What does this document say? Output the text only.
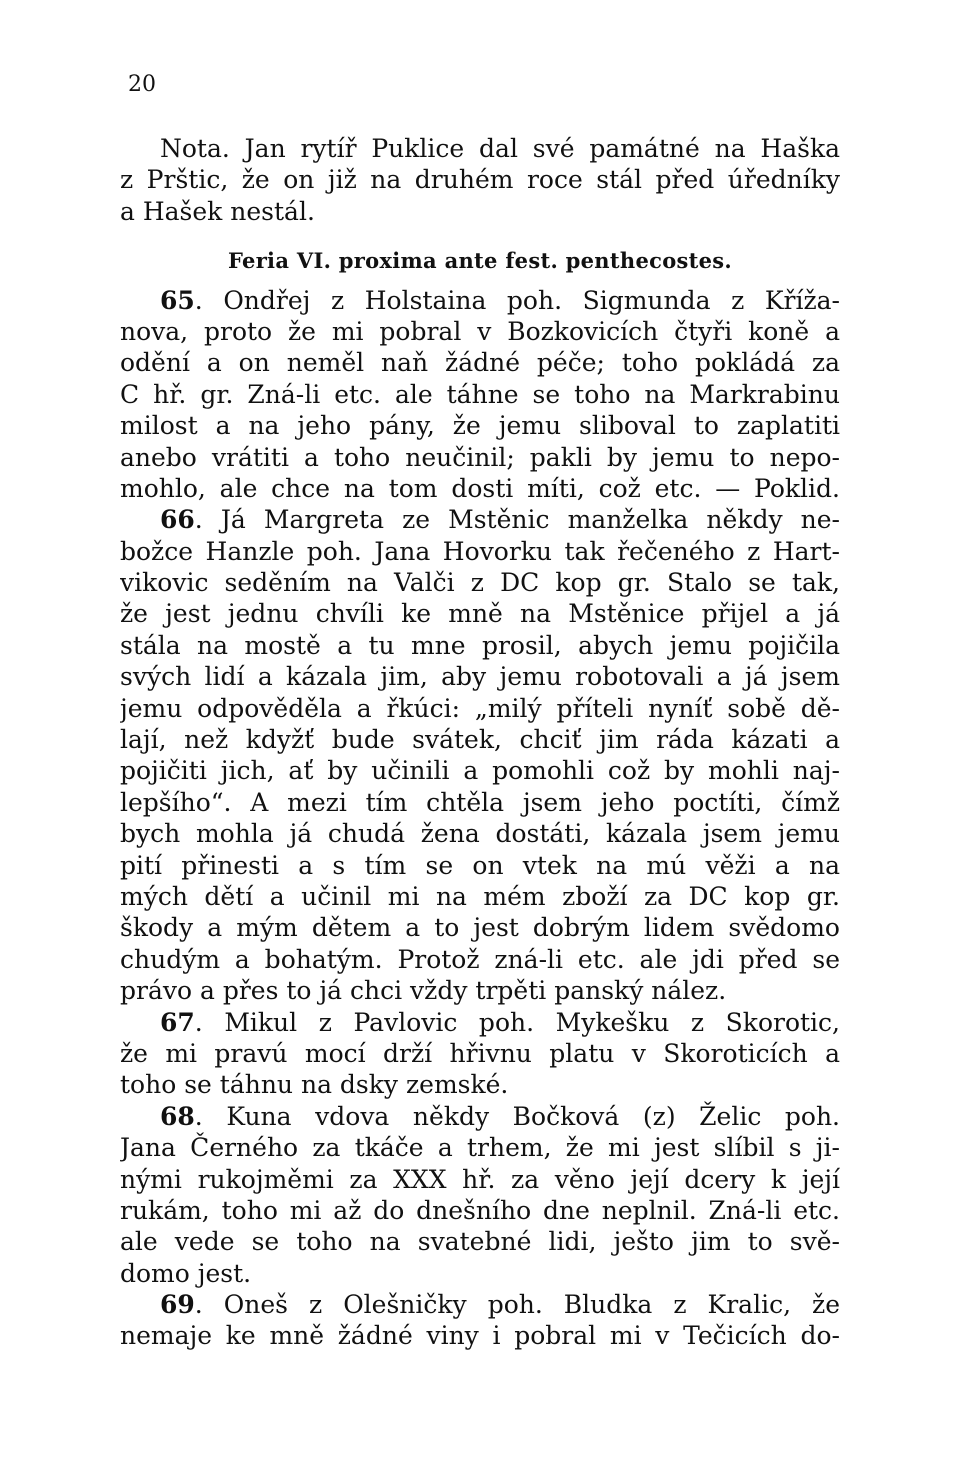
20
Nota. Jan rytíř Puklice dal své památné na Haška
z Prštic, že on již na druhém roce stál před úředníky
a Hašek nestál.
Feria VI. proxima ante fest. penthecostes.
65. Ondřej z Holstaina poh. Sigmunda z Křížа-
nova, proto že mi pobral v Bozkovicích čtyři koně a
odění a on neměl naň žádné péče; toho pokládá za
C hř. gr. Zná-li etc. ale táhne se toho na Markrabinu
milost a na jeho pány, že jemu sliboval to zaplatiti
anebo vrátiti a toho neučinil; pakli by jemu to nepo-
mohlo, ale chce na tom dosti míti, což etc. — Poklid.
66. Já Margreta ze Mstěnic manželka někdy ne-
božce Hanzle poh. Jana Hovorku tak řečeného z Hart-
vikovic seděním na Valči z DC kop gr. Stalo se tak,
že jest jednu chvíli ke mně na Mstěnice přijel a já
stála na mostě a tu mne prosil, abych jemu pojičila
svých lidí a kázala jim, aby jemu robotovali a já jsem
jemu odpověděla a řkúci: „milý příteli nyníť sobě dě-
lají, než kdyžť bude svátek, chciť jim ráda kázati a
pojičiti jich, ať by učinili a pomohli což by mohli naj-
lepšího“. A mezi tím chtěla jsem jeho poctíti, čímž
bych mohla já chudá žena dostáti, kázala jsem jemu
pití přinesti a s tím se on vtek na mú věži a na
mých dětí a učinil mi na mém zboží za DC kop gr.
škody a mým dětem a to jest dobrým lidem svědomo
chudým a bohatým. Protož zná-li etc. ale jdi před se
právo a přes to já chci vždy trpěti panský nález.
67. Mikul z Pavlovic poh. Mykešku z Skorotic,
že mi pravú mocí drží hřivnu platu v Skoroticích a
toho se táhnu na dsky zemské.
68. Kuna vdova někdy Bočková (z) Želic poh.
Jana Černého za tkáče a trhem, že mi jest slíbil s ji-
nými rukojměmi za XXX hř. za věno její dcery k její
rukám, toho mi až do dnešního dne neplnil. Zná-li etc.
ale vede se toho na svatebné lidi, ješto jim to svě-
domo jest.
69. Oneš z Olešničky poh. Bludka z Kralic, že
nemaje ke mně žádné viny i pobral mi v Tečicích do-
